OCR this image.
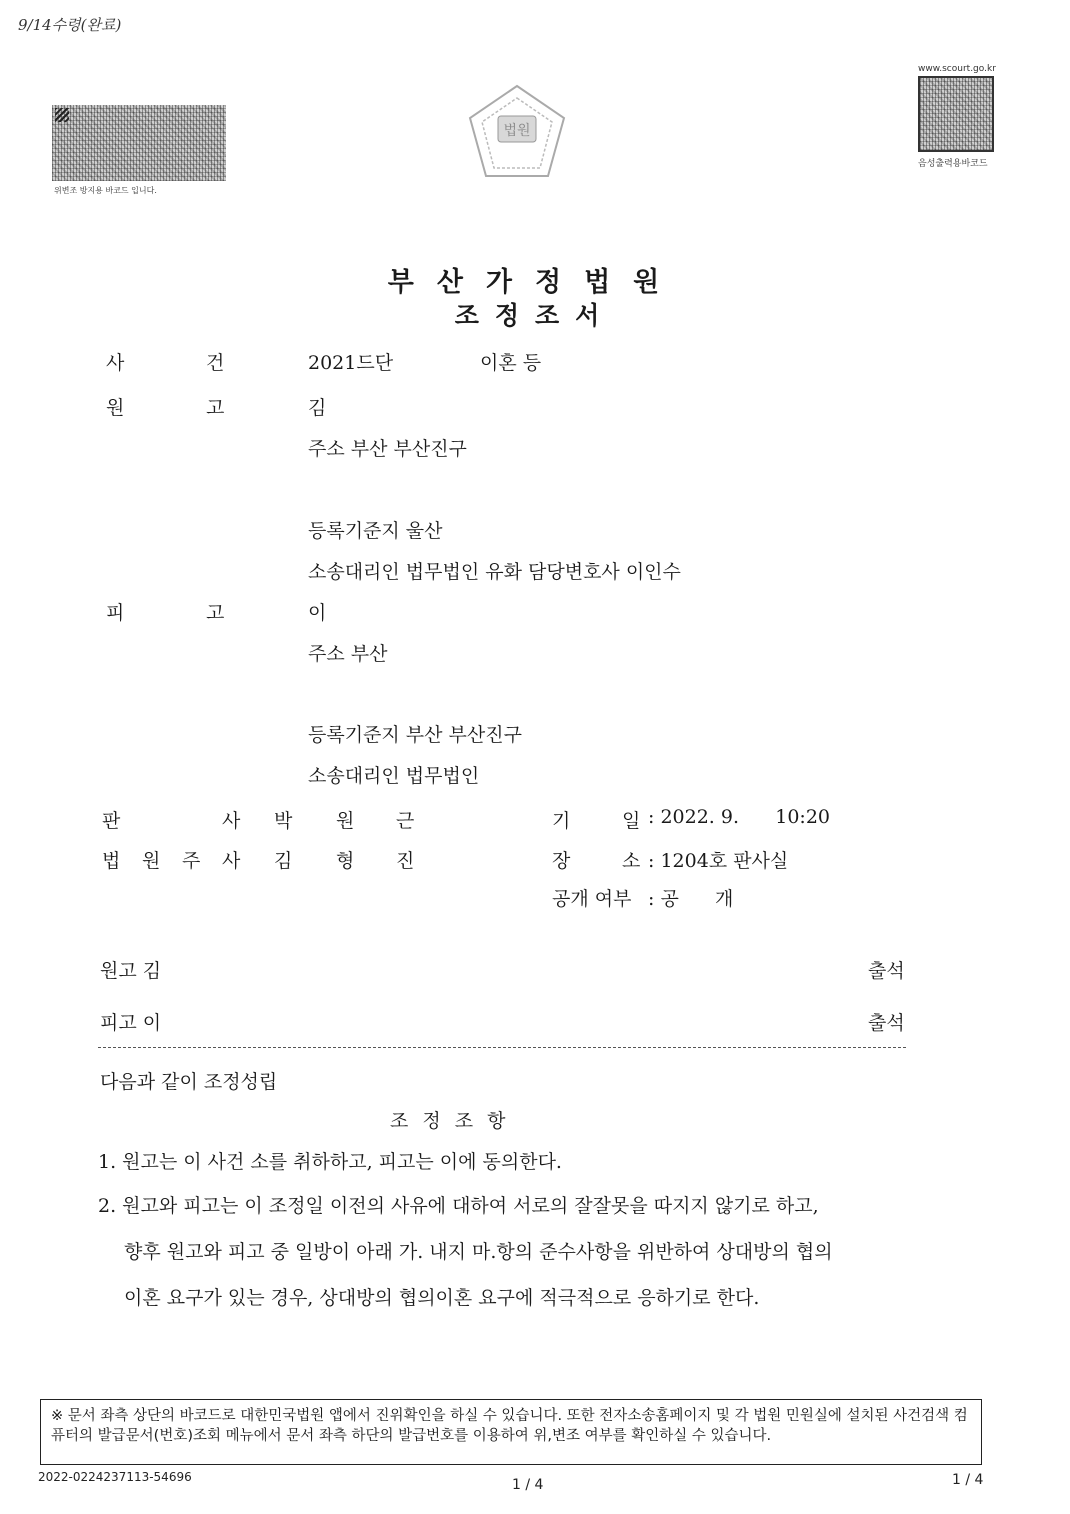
9/14수령(완료)
위변조 방지용 바코드 입니다.
법원
www.scourt.go.kr
음성출력용바코드
부산가정법원
조정조서
사	건	2021드단	이혼 등
원	고	김
주소 부산 부산진구
등록기준지 울산
소송대리인 법무법인 유화 담당변호사 이인수
피	고	이
주소 부산
등록기준지 부산 부산진구
소송대리인 법무법인
판	사 박 원 근
법 원 주 사 김 형 진
기	일 : 2022. 9.      10:20
장	소 : 1204호 판사실
공개 여부 : 공      개
원고 김	출석
피고 이	출석
다음과 같이 조정성립
조 정 조 항
1. 원고는 이 사건 소를 취하하고, 피고는 이에 동의한다.
2. 원고와 피고는 이 조정일 이전의 사유에 대하여 서로의 잘잘못을 따지지 않기로 하고,
향후 원고와 피고 중 일방이 아래 가. 내지 마.항의 준수사항을 위반하여 상대방의 협의
이혼 요구가 있는 경우, 상대방의 협의이혼 요구에 적극적으로 응하기로 한다.
※ 문서 좌측 상단의 바코드로 대한민국법원 앱에서 진위확인을 하실 수 있습니다. 또한 전자소송홈페이지 및 각 법원 민원실에 설치된 사건검색 컴퓨터의 발급문서(번호)조회 메뉴에서 문서 좌측 하단의 발급번호를 이용하여 위,변조 여부를 확인하실 수 있습니다.
2022-0224237113-54696	1 / 4	1 / 4
